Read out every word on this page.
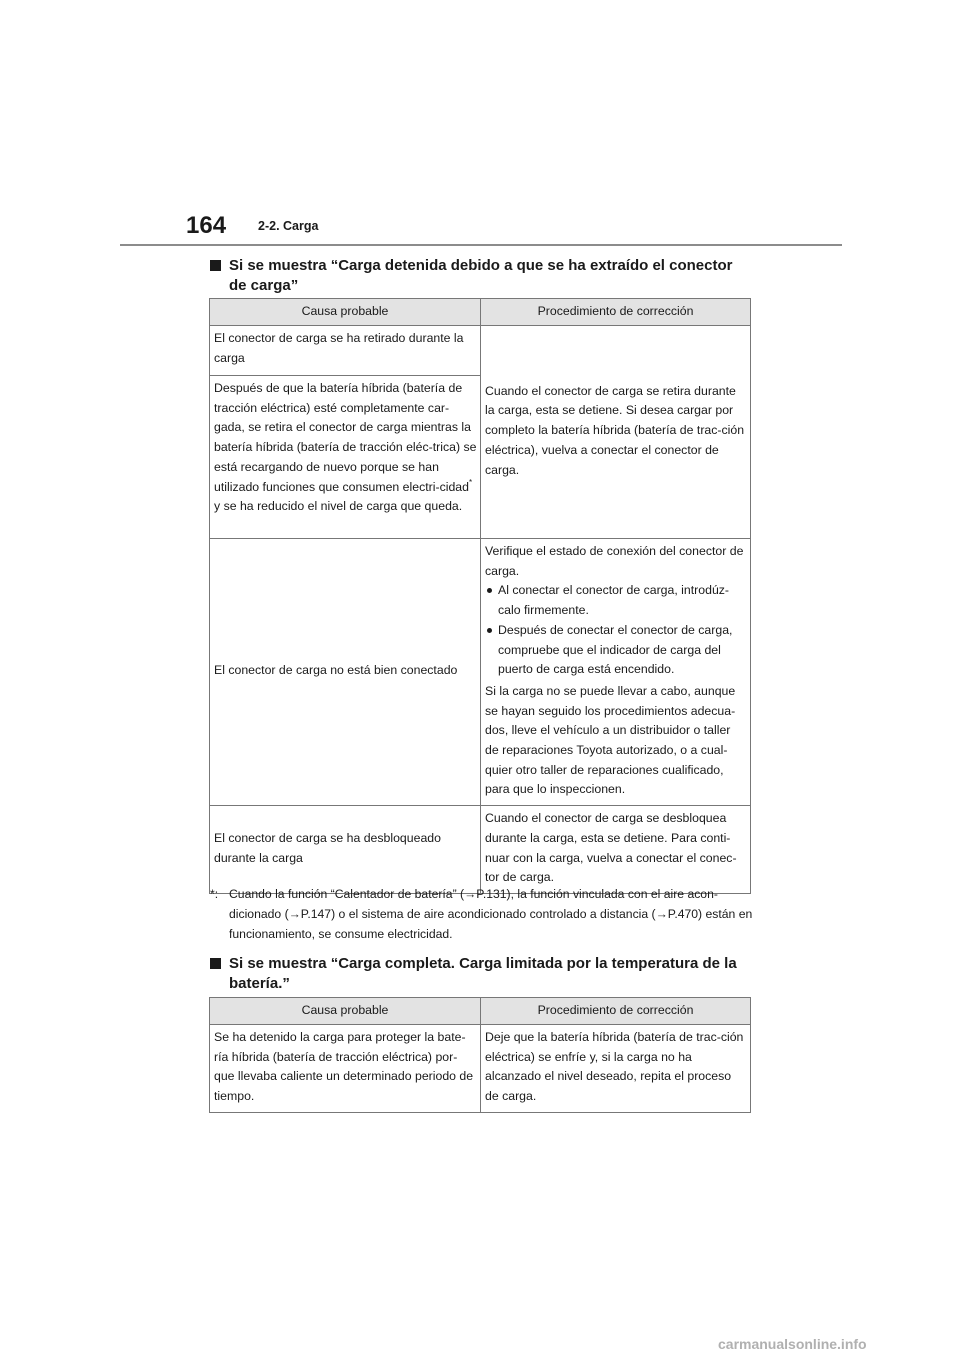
164	2-2. Carga
Si se muestra “Carga detenida debido a que se ha extraído el conector de carga”
Causa probable	Procedimiento de corrección
El conector de carga se ha retirado durante la carga	Cuando el conector de carga se retira durante la carga, esta se detiene. Si desea cargar por completo la batería híbrida (batería de trac-ción eléctrica), vuelva a conectar el conector de carga.
Después de que la batería híbrida (batería de tracción eléctrica) esté completamente car-gada, se retira el conector de carga mientras la batería híbrida (batería de tracción eléc-trica) se está recargando de nuevo porque se han utilizado funciones que consumen electri-cidad* y se ha reducido el nivel de carga que queda.	
El conector de carga no está bien conectado	Verifique el estado de conexión del conector de carga.

Al conectar el conector de carga, introdúz-calo firmemente.

Después de conectar el conector de carga, compruebe que el indicador de carga del puerto de carga está encendido.

Si la carga no se puede llevar a cabo, aunque se hayan seguido los procedimientos adecua-dos, lleve el vehículo a un distribuidor o taller de reparaciones Toyota autorizado, o a cual-quier otro taller de reparaciones cualificado, para que lo inspeccionen.

El conector de carga se ha desbloqueado durante la carga	Cuando el conector de carga se desbloquea durante la carga, esta se detiene. Para conti-nuar con la carga, vuelva a conectar el conec-tor de carga.
*: Cuando la función “Calentador de batería” (→P.131), la función vinculada con el aire acon-dicionado (→P.147) o el sistema de aire acondicionado controlado a distancia (→P.470) están en funcionamiento, se consume electricidad.
Si se muestra “Carga completa. Carga limitada por la temperatura de la batería.”
Causa probable	Procedimiento de corrección
Se ha detenido la carga para proteger la bate-ría híbrida (batería de tracción eléctrica) por-que llevaba caliente un determinado periodo de tiempo.	Deje que la batería híbrida (batería de trac-ción eléctrica) se enfríe y, si la carga no ha alcanzado el nivel deseado, repita el proceso de carga.
carmanualsonline.info
